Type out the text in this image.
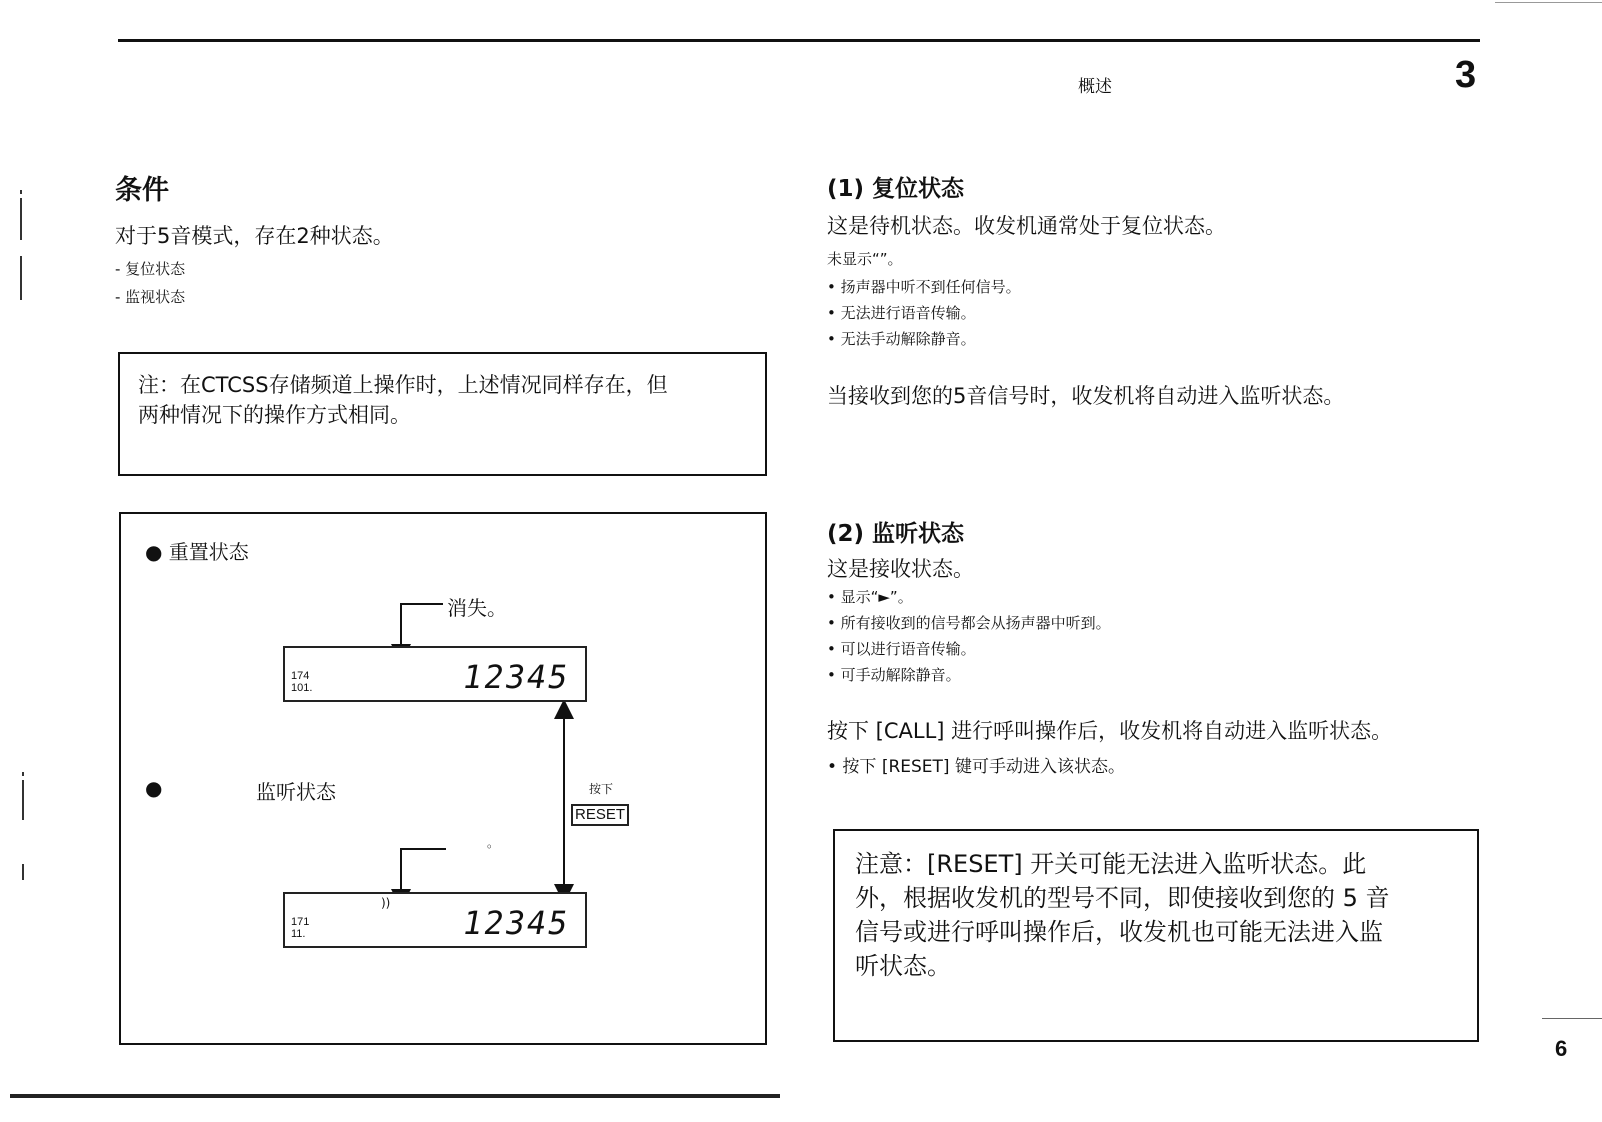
概述	3
6
条件
对于5音模式，存在2种状态。
- 复位状态
- 监视状态
注：在CTCSS存储频道上操作时，上述情况同样存在，但
两种情况下的操作方式相同。
● 重置状态
●	监听状态
消失。
。
按下
RESET
174
101.	12345
))
171
11.	12345
(1) 复位状态
这是待机状态。收发机通常处于复位状态。
未显示“”。
• 扬声器中听不到任何信号。
• 无法进行语音传输。
• 无法手动解除静音。
当接收到您的5音信号时，收发机将自动进入监听状态。
(2) 监听状态
这是接收状态。
• 显示“►”。
• 所有接收到的信号都会从扬声器中听到。
• 可以进行语音传输。
• 可手动解除静音。
按下 [CALL] 进行呼叫操作后，收发机将自动进入监听状态。
• 按下 [RESET] 键可手动进入该状态。
注意：[RESET] 开关可能无法进入监听状态。此
外，根据收发机的型号不同，即使接收到您的 5 音
信号或进行呼叫操作后，收发机也可能无法进入监
听状态。
